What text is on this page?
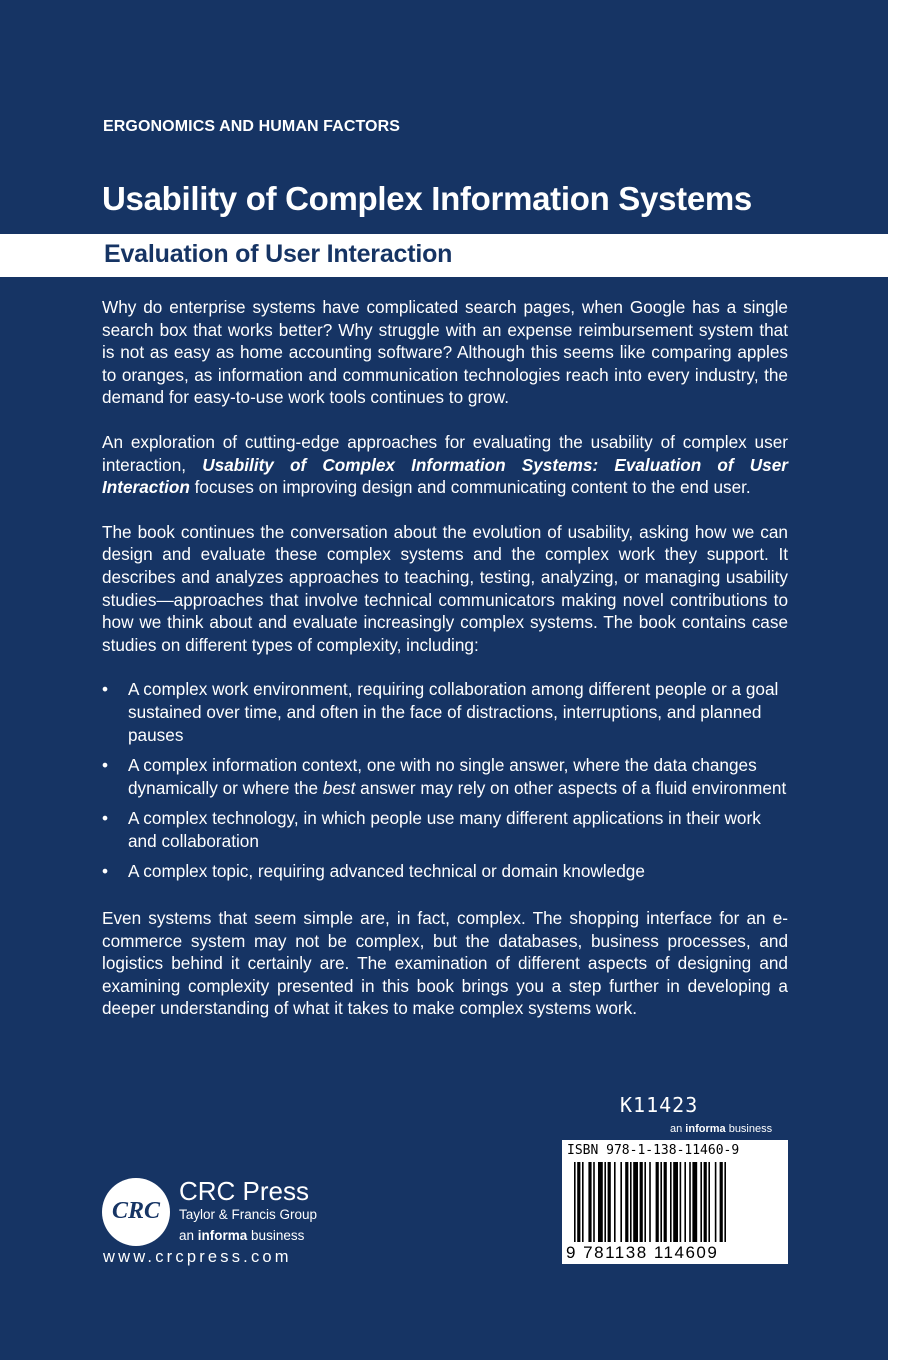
ERGONOMICS AND HUMAN FACTORS
Usability of Complex Information Systems
Evaluation of User Interaction

Why do enterprise systems have complicated search pages, when Google has a single search box that works better? Why struggle with an expense reimbursement system that is not as easy as home accounting software? Although this seems like comparing apples to oranges, as information and communication technologies reach into every industry, the demand for easy-to-use work tools continues to grow.

An exploration of cutting-edge approaches for evaluating the usability of complex user interaction, Usability of Complex Information Systems: Evaluation of User Interaction focuses on improving design and communicating content to the end user.

The book continues the conversation about the evolution of usability, asking how we can design and evaluate these complex systems and the complex work they support. It describes and analyzes approaches to teaching, testing, analyzing, or managing usability studies—approaches that involve technical communicators making novel contributions to how we think about and evaluate increasingly complex systems. The book contains case studies on different types of complexity, including:

• A complex work environment, requiring collaboration among different people or a goal sustained over time, and often in the face of distractions, interruptions, and planned pauses
• A complex information context, one with no single answer, where the data changes dynamically or where the best answer may rely on other aspects of a fluid environment
• A complex technology, in which people use many different applications in their work and collaboration
• A complex topic, requiring advanced technical or domain knowledge

Even systems that seem simple are, in fact, complex. The shopping interface for an e-commerce system may not be complex, but the databases, business processes, and logistics behind it certainly are. The examination of different aspects of designing and examining complexity presented in this book brings you a step further in developing a deeper understanding of what it takes to make complex systems work.

K11423
an informa business
ISBN 978-1-138-11460-9
9 781138 114609
CRC
CRC Press
Taylor & Francis Group
an informa business
www.crcpress.com
